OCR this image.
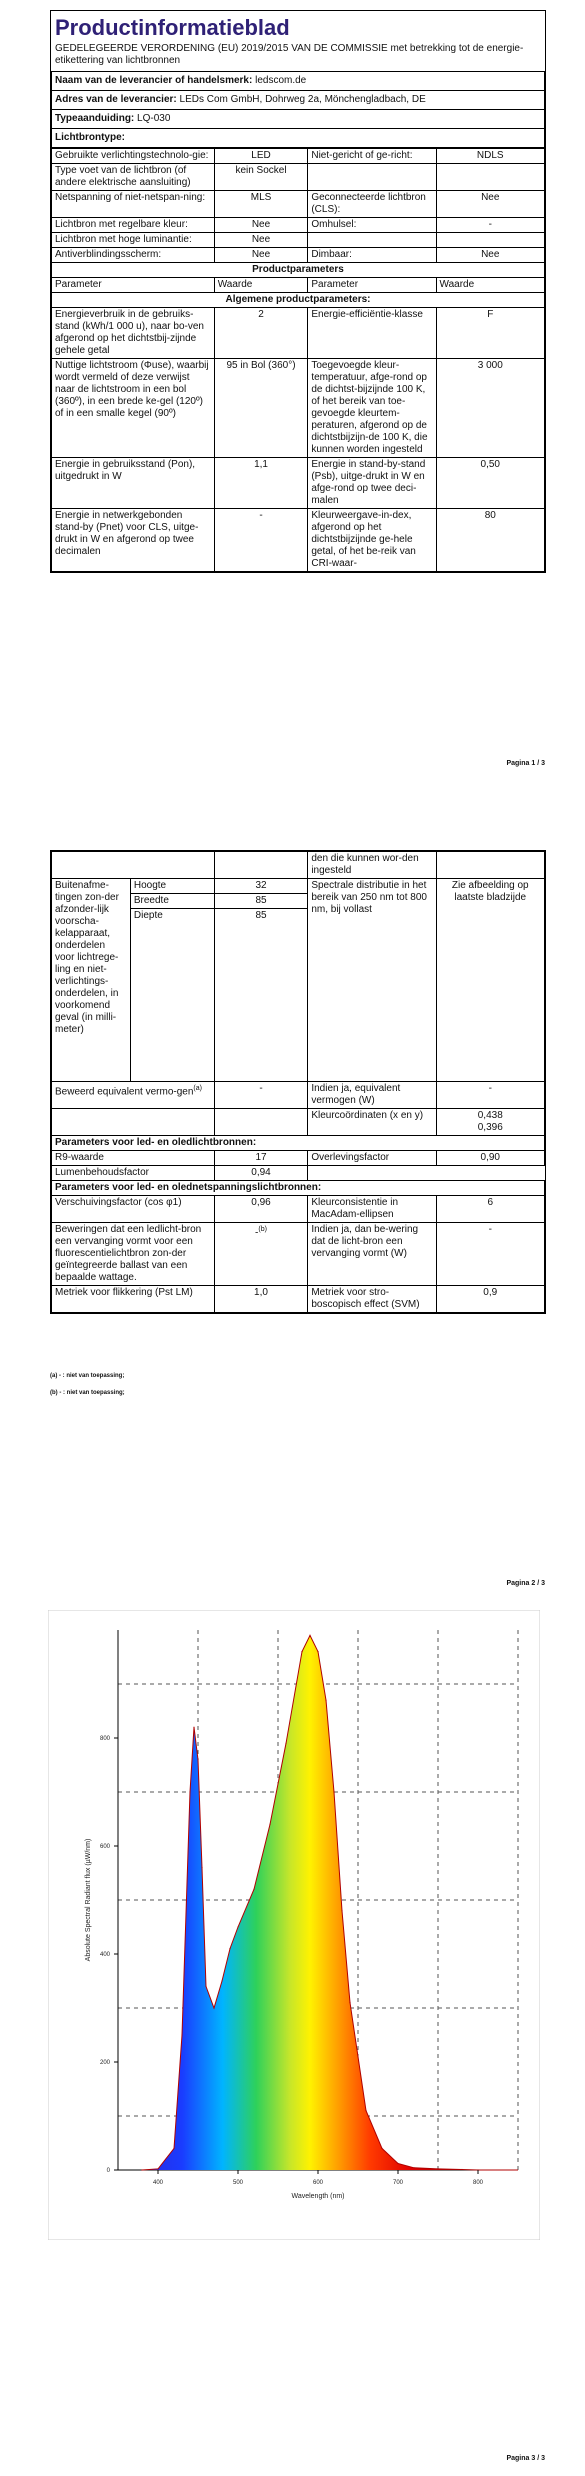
Productinformatieblad
GEDELEGEERDE VERORDENING (EU) 2019/2015 VAN DE COMMISSIE met betrekking tot de energie-etikettering van lichtbronnen
Naam van de leverancier of handelsmerk: ledscom.de
Adres van de leverancier: LEDs Com GmbH, Dohrweg 2a, Mönchengladbach, DE
Typeaanduiding: LQ-030
Lichtbrontype:
Gebruikte verlichtingstechnolo-gie:	LED	Niet-gericht of ge-richt:	NDLS
Type voet van de lichtbron (of andere elektrische aansluiting)	kein Sockel		
Netspanning of niet-netspan-ning:	MLS	Geconnecteerde lichtbron (CLS):	Nee
Lichtbron met regelbare kleur:	Nee	Omhulsel:	-
Lichtbron met hoge luminantie:	Nee		
Antiverblindingsscherm:	Nee	Dimbaar:	Nee
Productparameters			
Parameter	Waarde	Parameter	Waarde
Algemene productparameters:			
Energieverbruik in de gebruiks-stand (kWh/1 000 u), naar bo-ven afgerond op het dichtstbij-zijnde gehele getal	2	Energie-efficiëntie-klasse	F
Nuttige lichtstroom (Φuse), waarbij wordt vermeld of deze verwijst naar de lichtstroom in een bol (360º), in een brede ke-gel (120º) of in een smalle kegel (90º)	95 in Bol (360°)	Toegevoegde kleur-temperatuur, afge-rond op de dichtst-bijzijnde 100 K, of het bereik van toe-gevoegde kleurtem-peraturen, afgerond op de dichtstbijzijn-de 100 K, die kunnen worden ingesteld	3 000
Energie in gebruiksstand (Pon), uitgedrukt in W	1,1	Energie in stand-by-stand (Psb), uitge-drukt in W en afge-rond op twee deci-malen	0,50
Energie in netwerkgebonden stand-by (Pnet) voor CLS, uitge-drukt in W en afgerond op twee decimalen	-	Kleurweergave-in-dex, afgerond op het dichtstbijzijnde ge-hele getal, of het be-reik van CRI-waar-	80
Pagina 1 / 3
			den die kunnen wor-den ingesteld	
Buitenafme-tingen zon-der afzonder-lijk voorscha-kelapparaat, onderdelen voor lichtrege-ling en niet-verlichtings-onderdelen, in voorkomend geval (in milli-meter)	Hoogte	32	Spectrale distributie in het bereik van 250 nm tot 800 nm, bij vollast	Zie afbeelding op laatste bladzijde
	Breedte	85		
	Diepte	85		
Beweerd equivalent vermo-gen$^{(a)}$		-	Indien ja, equivalent vermogen (W)	-
			Kleurcoördinaten (x en y)	0,438
0,396

Parameters voor led- en oledlichtbronnen:				
R9-waarde		17	Overlevingsfactor	0,90
Lumenbehoudsfactor		0,94		
Parameters voor led- en olednetspanningslichtbronnen:				
Verschuivingsfactor (cos φ1)		0,96	Kleurconsistentie in MacAdam-ellipsen	6
Beweringen dat een ledlicht-bron een vervanging vormt voor een fluorescentielichtbron zon-der geïntegreerde ballast van een bepaalde wattage.		-$^{(b)}$	Indien ja, dan be-wering dat de licht-bron een vervanging vormt (W)	-
Metriek voor flikkering (Pst LM)		1,0	Metriek voor stro-boscopisch effect (SVM)	0,9
(a) - : niet van toepassing;
(b) - : niet van toepassing;
Pagina 2 / 3
400	500	600	700	800
0
200
400
600
800
Wavelength (nm)
Absolute Spectral Radiant flux (µW/nm)
Pagina 3 / 3
